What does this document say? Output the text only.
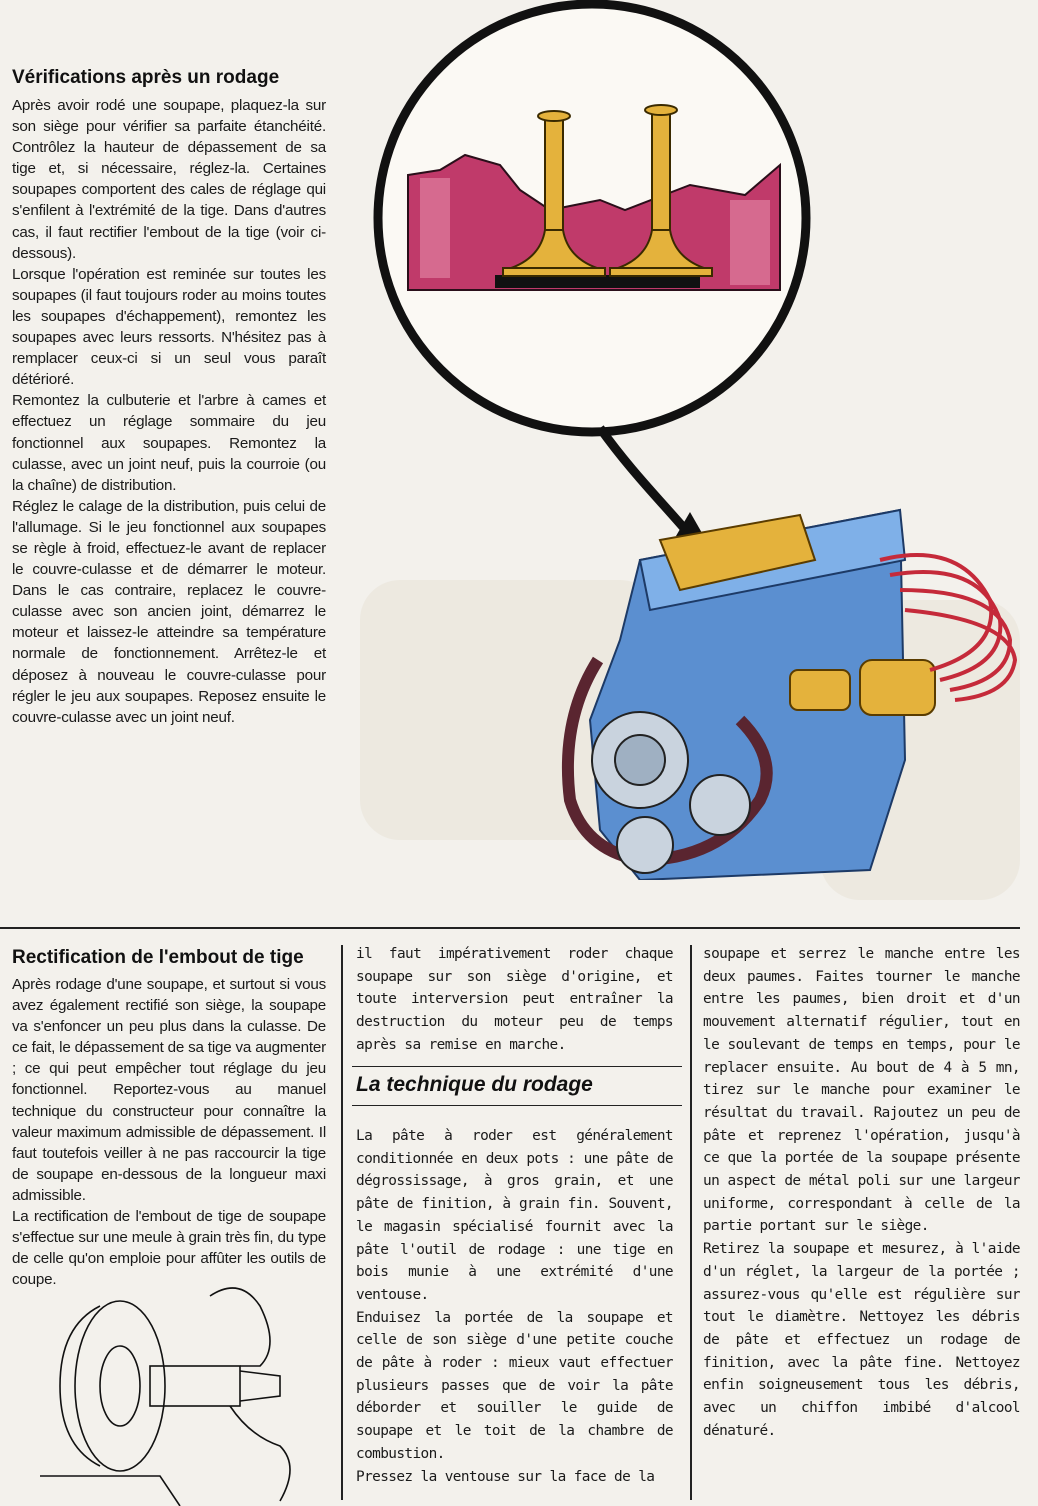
Vérifications après un rodage

Après avoir rodé une soupape, plaquez-la sur son siège pour vérifier sa parfaite étanchéité. Contrôlez la hauteur de dépassement de sa tige et, si nécessaire, réglez-la. Certaines soupapes comportent des cales de réglage qui s'enfilent à l'extrémité de la tige. Dans d'autres cas, il faut rectifier l'embout de la tige (voir ci-dessous).

Lorsque l'opération est reminée sur toutes les soupapes (il faut toujours roder au moins toutes les soupapes d'échappement), remontez les soupapes avec leurs ressorts. N'hésitez pas à remplacer ceux-ci si un seul vous paraît détérioré.

Remontez la culbuterie et l'arbre à cames et effectuez un réglage sommaire du jeu fonctionnel aux soupapes. Remontez la culasse, avec un joint neuf, puis la courroie (ou la chaîne) de distribution.

Réglez le calage de la distribution, puis celui de l'allumage. Si le jeu fonctionnel aux soupapes se règle à froid, effectuez-le avant de replacer le couvre-culasse et de démarrer le moteur. Dans le cas contraire, replacez le couvre-culasse avec son ancien joint, démarrez le moteur et laissez-le atteindre sa température normale de fonctionnement. Arrêtez-le et déposez à nouveau le couvre-culasse pour régler le jeu aux soupapes. Reposez ensuite le couvre-culasse avec un joint neuf.

Rectification de l'embout de tige

Après rodage d'une soupape, et surtout si vous avez également rectifié son siège, la soupape va s'enfoncer un peu plus dans la culasse. De ce fait, le dépassement de sa tige va augmenter ; ce qui peut empêcher tout réglage du jeu fonctionnel. Reportez-vous au manuel technique du constructeur pour connaître la valeur maximum admissible de dépassement. Il faut toutefois veiller à ne pas raccourcir la tige de soupape en-dessous de la longueur maxi admissible.

La rectification de l'embout de tige de soupape s'effectue sur une meule à grain très fin, du type de celle qu'on emploie pour affûter les outils de coupe.

il faut impérativement roder chaque soupape sur son siège d'origine, et toute interversion peut entraîner la destruction du moteur peu de temps après sa remise en marche.

La technique du rodage

La pâte à roder est généralement conditionnée en deux pots : une pâte de dégrossissage, à gros grain, et une pâte de finition, à grain fin. Souvent, le magasin spécialisé fournit avec la pâte l'outil de rodage : une tige en bois munie à une extrémité d'une ventouse.

Enduisez la portée de la soupape et celle de son siège d'une petite couche de pâte à roder : mieux vaut effectuer plusieurs passes que de voir la pâte déborder et souiller le guide de soupape et le toit de la chambre de combustion.

Pressez la ventouse sur la face de la

soupape et serrez le manche entre les deux paumes. Faites tourner le manche entre les paumes, bien droit et d'un mouvement alternatif régulier, tout en le soulevant de temps en temps, pour le replacer ensuite. Au bout de 4 à 5 mn, tirez sur le manche pour examiner le résultat du travail. Rajoutez un peu de pâte et reprenez l'opération, jusqu'à ce que la portée de la soupape présente un aspect de métal poli sur une largeur uniforme, correspondant à celle de la partie portant sur le siège.

Retirez la soupape et mesurez, à l'aide d'un réglet, la largeur de la portée ; assurez-vous qu'elle est régulière sur tout le diamètre. Nettoyez les débris de pâte et effectuez un rodage de finition, avec la pâte fine. Nettoyez enfin soigneusement tous les débris, avec un chiffon imbibé d'alcool dénaturé.
